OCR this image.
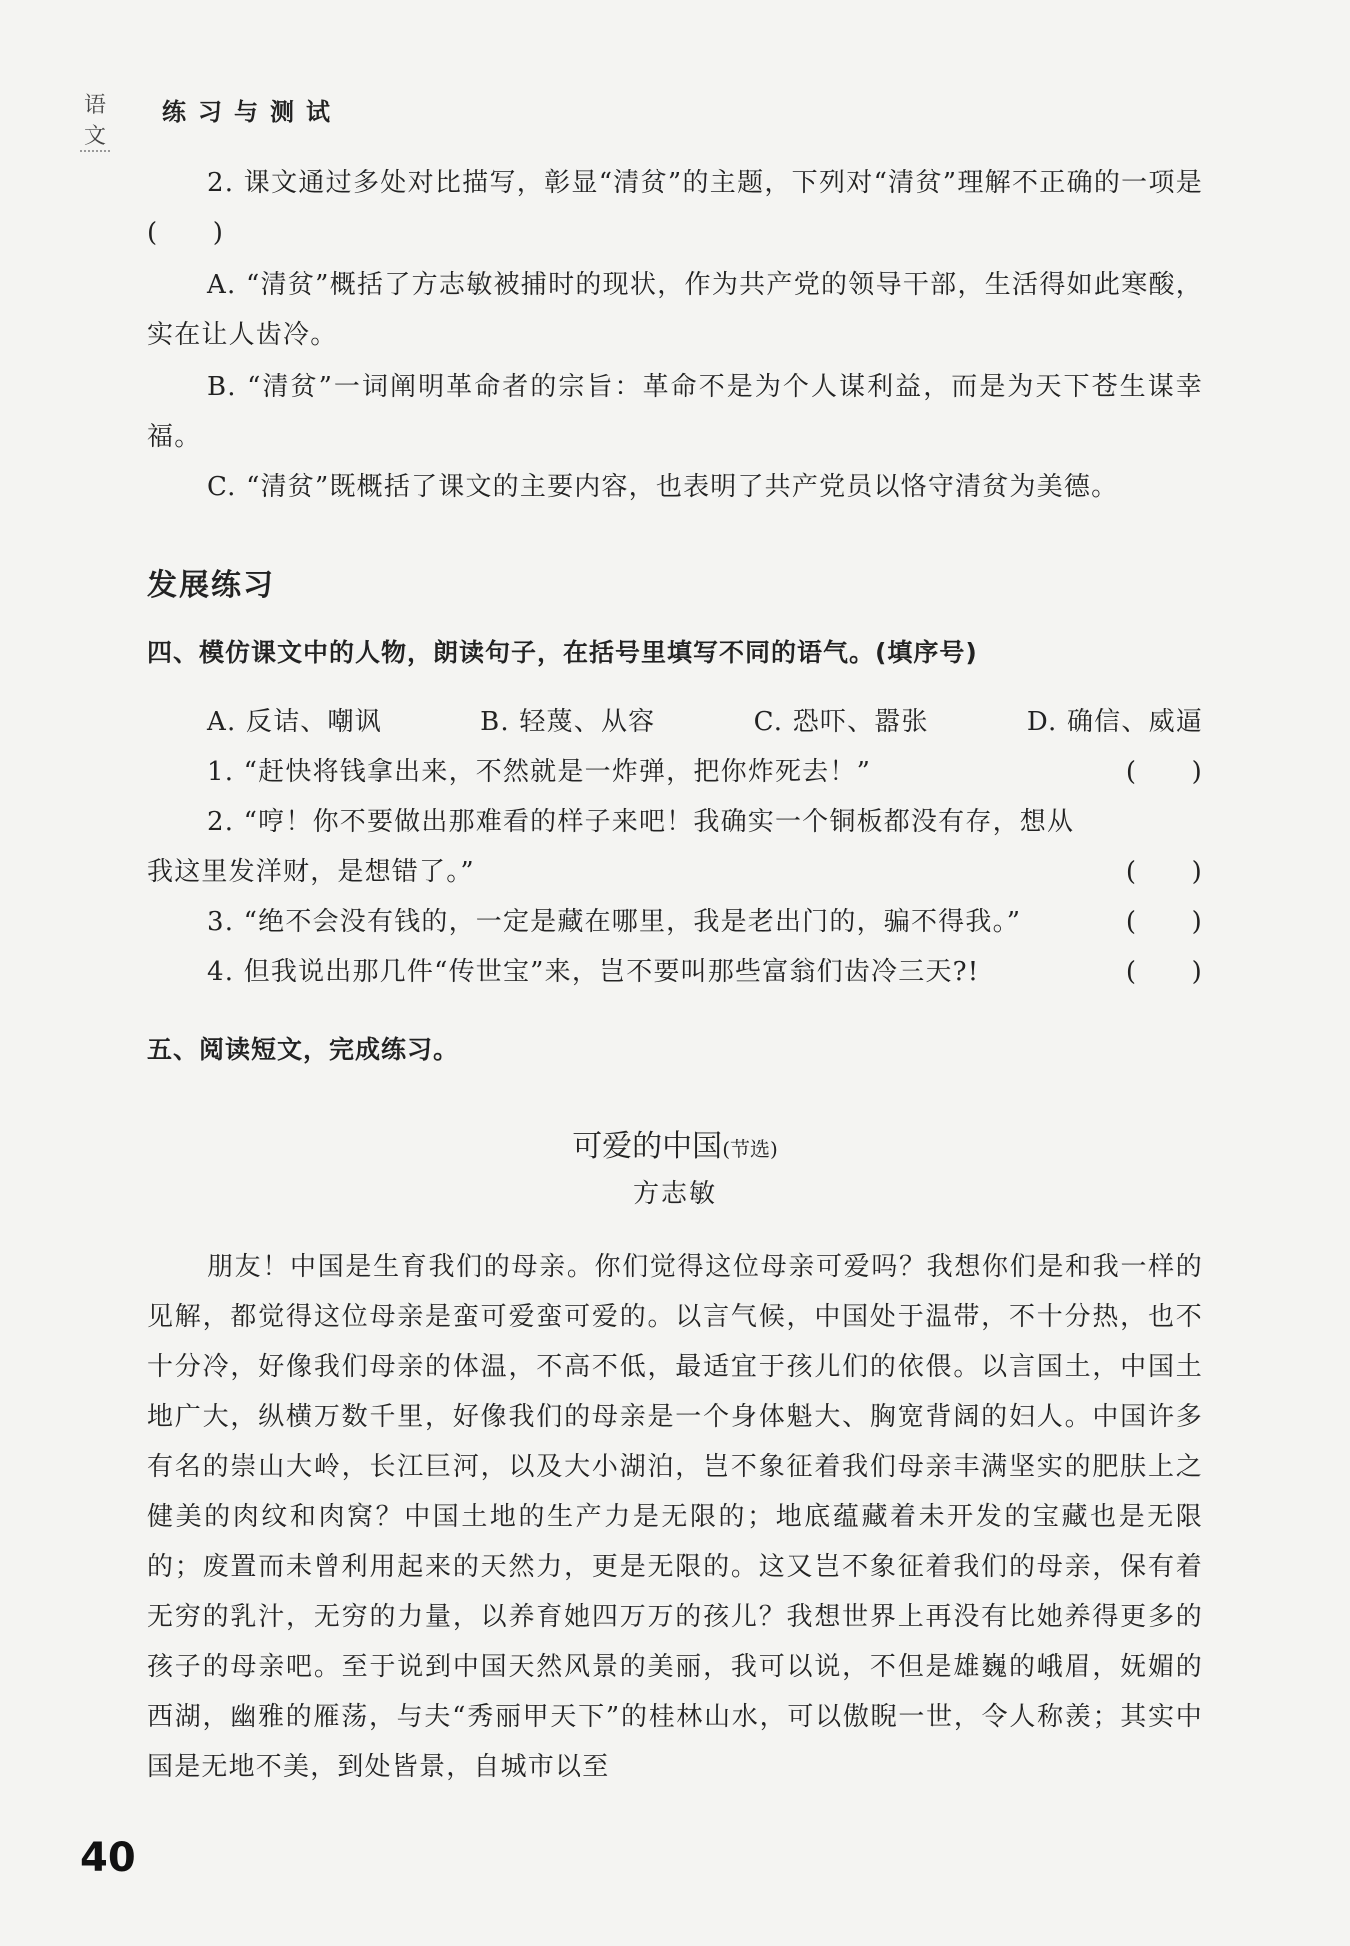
语文
练习与测试

2. 课文通过多处对比描写，彰显“清贫”的主题，下列对“清贫”理解不正确的一项是(　　)

A. “清贫”概括了方志敏被捕时的现状，作为共产党的领导干部，生活得如此寒酸，实在让人齿冷。

B. “清贫”一词阐明革命者的宗旨：革命不是为个人谋利益，而是为天下苍生谋幸福。

C. “清贫”既概括了课文的主要内容，也表明了共产党员以恪守清贫为美德。

发展练习

四、模仿课文中的人物，朗读句子，在括号里填写不同的语气。(填序号)

A. 反诘、嘲讽	B. 轻蔑、从容	C. 恐吓、嚣张	D. 确信、威逼
1. “赶快将钱拿出来，不然就是一炸弹，把你炸死去！”	(　　)
2. “哼！你不要做出那难看的样子来吧！我确实一个铜板都没有存，想从我这里发洋财，是想错了。”	(　　)
3. “绝不会没有钱的，一定是藏在哪里，我是老出门的，骗不得我。”	(　　)
4. 但我说出那几件“传世宝”来，岂不要叫那些富翁们齿冷三天?!	(　　)

五、阅读短文，完成练习。

可爱的中国(节选)

方志敏

朋友！中国是生育我们的母亲。你们觉得这位母亲可爱吗？我想你们是和我一样的见解，都觉得这位母亲是蛮可爱蛮可爱的。以言气候，中国处于温带，不十分热，也不十分冷，好像我们母亲的体温，不高不低，最适宜于孩儿们的依偎。以言国土，中国土地广大，纵横万数千里，好像我们的母亲是一个身体魁大、胸宽背阔的妇人。中国许多有名的崇山大岭，长江巨河，以及大小湖泊，岂不象征着我们母亲丰满坚实的肥肤上之健美的肉纹和肉窝？中国土地的生产力是无限的；地底蕴藏着未开发的宝藏也是无限的；废置而未曾利用起来的天然力，更是无限的。这又岂不象征着我们的母亲，保有着无穷的乳汁，无穷的力量，以养育她四万万的孩儿？我想世界上再没有比她养得更多的孩子的母亲吧。至于说到中国天然风景的美丽，我可以说，不但是雄巍的峨眉，妩媚的西湖，幽雅的雁荡，与夫“秀丽甲天下”的桂林山水，可以傲睨一世，令人称羡；其实中国是无地不美，到处皆景，自城市以至

40
